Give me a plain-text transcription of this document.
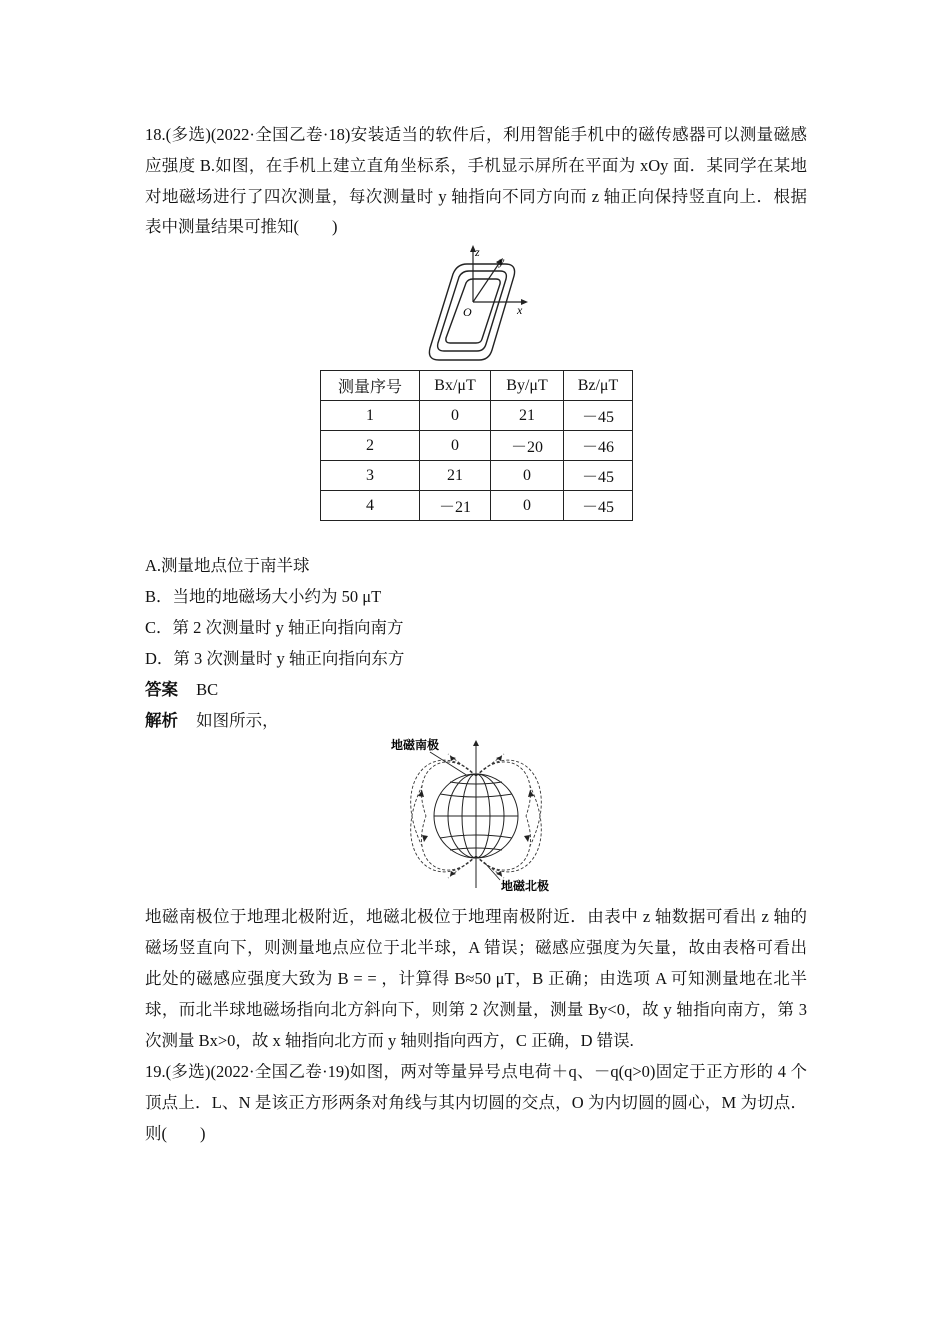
18.(多选)(2022·全国乙卷·18)安装适当的软件后，利用智能手机中的磁传感器可以测量磁感
应强度 B.如图，在手机上建立直角坐标系，手机显示屏所在平面为 xOy 面．某同学在某地
对地磁场进行了四次测量，每次测量时 y 轴指向不同方向而 z 轴正向保持竖直向上．根据
表中测量结果可推知(　　)
z
y
x
O
测量序号	Bx/μT	By/μT	Bz/μT
1	0	21	－45
2	0	－20	－46
3	21	0	－45
4	－21	0	－45
A.测量地点位于南半球
B．当地的地磁场大小约为 50 μT
C．第 2 次测量时 y 轴正向指向南方
D．第 3 次测量时 y 轴正向指向东方
答案 BC
解析 如图所示，
地磁南极
地磁北极
地磁南极位于地理北极附近，地磁北极位于地理南极附近．由表中 z 轴数据可看出 z 轴的
磁场竖直向下，则测量地点应位于北半球，A 错误；磁感应强度为矢量，故由表格可看出
此处的磁感应强度大致为 B = = ，计算得 B≈50 μT，B 正确；由选项 A 可知测量地在北半
球，而北半球地磁场指向北方斜向下，则第 2 次测量，测量 By<0，故 y 轴指向南方，第 3
次测量 Bx>0，故 x 轴指向北方而 y 轴则指向西方，C 正确，D 错误.
19.(多选)(2022·全国乙卷·19)如图，两对等量异号点电荷＋q、－q(q>0)固定于正方形的 4 个
顶点上．L、N 是该正方形两条对角线与其内切圆的交点，O 为内切圆的圆心，M 为切点．
则(　　)
